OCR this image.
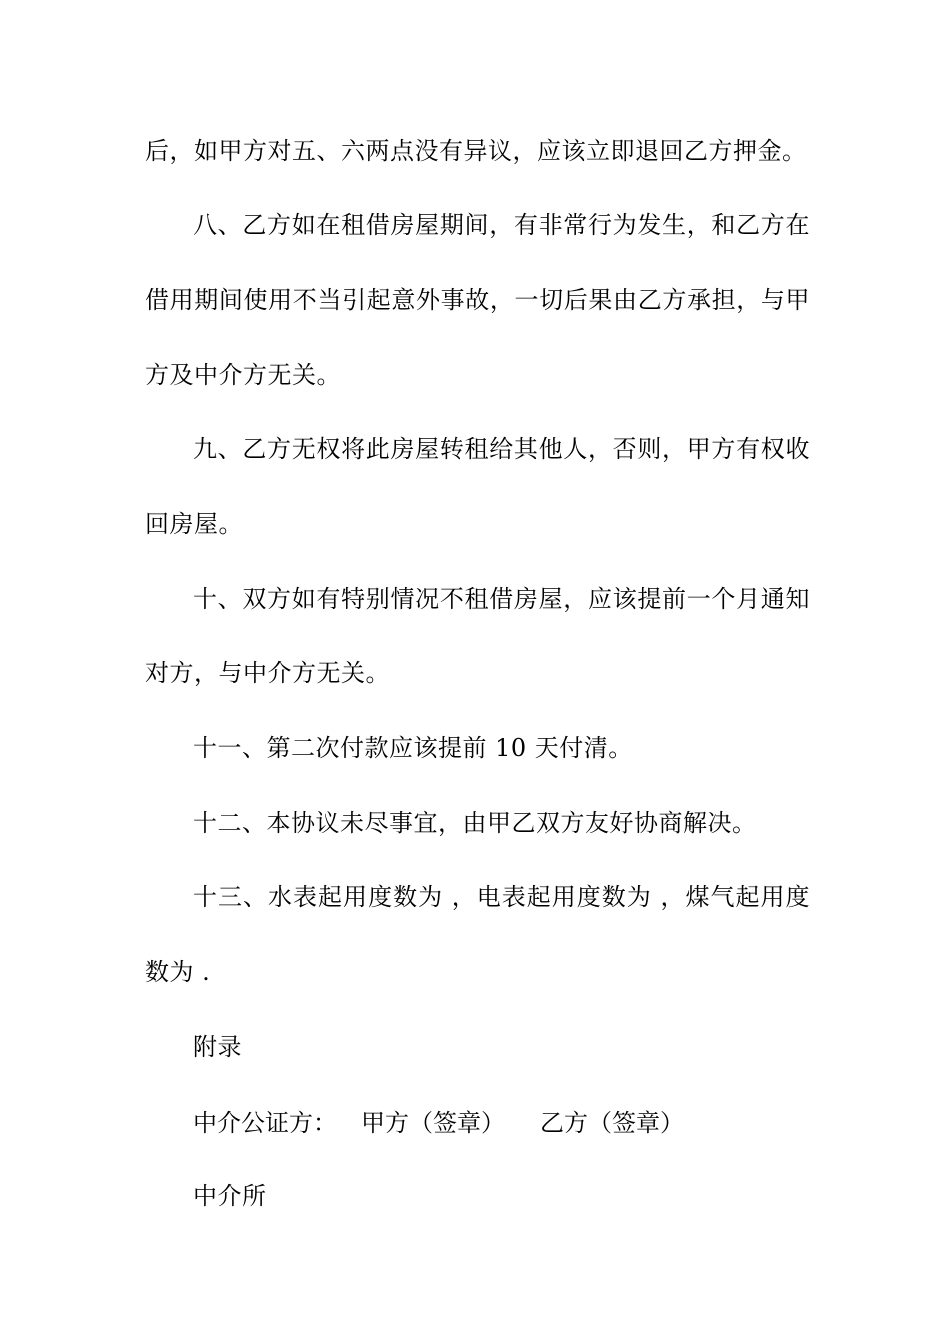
后，如甲方对五、六两点没有异议，应该立即退回乙方押金。
八、乙方如在租借房屋期间，有非常行为发生，和乙方在
借用期间使用不当引起意外事故，一切后果由乙方承担，与甲
方及中介方无关。
九、乙方无权将此房屋转租给其他人，否则，甲方有权收
回房屋。
十、双方如有特别情况不租借房屋，应该提前一个月通知
对方，与中介方无关。
十一、第二次付款应该提前 10 天付清。
十二、本协议未尽事宜，由甲乙双方友好协商解决。
十三、水表起用度数为 ，电表起用度数为 ，煤气起用度
数为 .
附录
中介公证方： 甲方（签章） 乙方（签章）
中介所
